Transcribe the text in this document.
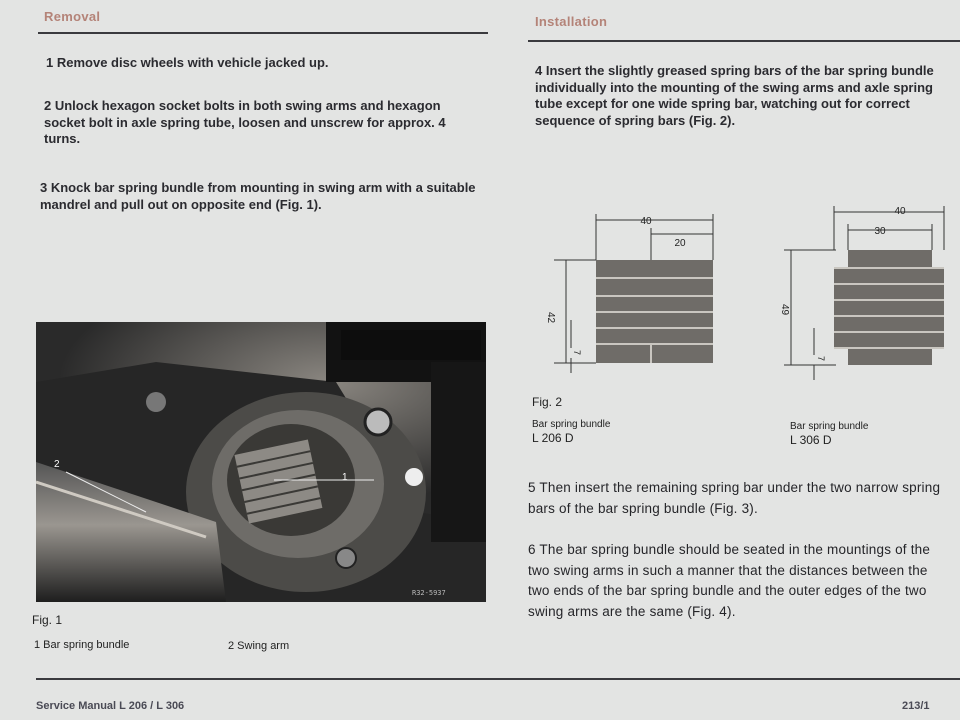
Removal
1 Remove disc wheels with vehicle jacked up.
2 Unlock hexagon socket bolts in both swing arms and hexagon socket bolt in axle spring tube, loosen and unscrew for approx. 4 turns.
3 Knock bar spring bundle from mounting in swing arm with a suitable mandrel and pull out on opposite end (Fig. 1).
1
2
R32-5937
Fig. 1
1 Bar spring bundle	2 Swing arm
Installation
4 Insert the slightly greased spring bars of the bar spring bundle individually into the mounting of the swing arms and axle spring tube except for one wide spring bar, watching out for correct sequence of spring bars (Fig. 2).
40
20
42
7
40
30
49
7
Fig. 2
Bar spring bundle
L 206 D
Bar spring bundle
L 306 D
5 Then insert the remaining spring bar under the two narrow spring bars of the bar spring bundle (Fig. 3).
6 The bar spring bundle should be seated in the mountings of the two swing arms in such a manner that the distances between the two ends of the bar spring bundle and the outer edges of the two swing arms are the same (Fig. 4).
Service Manual L 206 / L 306	213/1
